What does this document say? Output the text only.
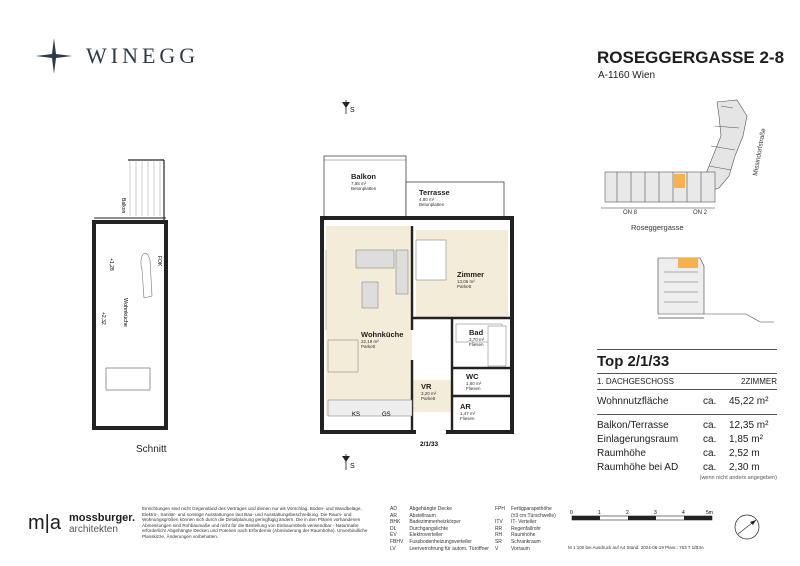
WINEGG	ROSEGGERGASSE 2-8
A-1160 Wien
ON 8	ON 2
Roseggergasse
Missindorfstraße
Top 2/1/33
1. DACHGESCHOSS	2ZIMMER
Wohnnutzfläche	ca.	45,22 m²
Balkon/Terrasse	ca.	12,35 m²
Einlagerungsraum	ca.	1,85 m²
Raumhöhe	ca.	2,52 m
Raumhöhe bei AD	ca.	2,30 m
(wenn nicht anders angegeben)
Balkon
Wohnküche
FOK
+1,28
+2,32
Schnitt
S
S
GS
KS
2/1/33
Balkon
7,55 m²
Betonplatten	Terrasse
4,80 m²
Betonplatten
Zimmer
13,06 m²
Parkett
Wohnküche
22,19 m²
Parkett
Bad
3,70 m²
Fliesen
WC
1,60 m²
Fliesen
VR
3,20 m²
Parkett
AR
1,47 m²
Fliesen
m|a mossburger.
architekten
Einrichtungen sind nicht Gegenstand des Vertrages und dienen nur als Vorschlag. Boden- und Wandbeläge, Elektro-, Sanitär- und sonstige Ausstattungen laut Bau- und Ausstattungsbeschreibung. Die Raum- und Wohnungsgrößen können sich durch die Detailplanung geringfügig ändern. Die in den Plänen vorhandenen Abmessungen sind Rohbaumaße und nicht für die Bestellung von Einbaumöbeln verwendbar - Naturmaße erforderlich! Abgehängte Decken und Poterien nach Erfordernis (Abminderung der Raumhöhe). Unverbindliche Planskizze, Änderungen vorbehalten.
AD	Abgehängte Decke	FPH	Fertigparapethöhe
AR	Abstellraum		(±3 cm Türschwelle)
BHK	Badezimmerheizkörper	ITV	IT- Verteiler
DL	Durchgangslichte	RR	Regenfallrohr
EV	Elektroverteiler	RH	Raumhöhe
FBHV	Fussbodenheizungsverteiler	SR	Schrankraum
LV	Leerverrohrung für autom. Türöffner	V	Vorraum
0	1	2	3	4	5m
M 1:100 bei Ausdruck auf A4 Stand: 2024-06-19 Planr.: 763 T 1/B3A
